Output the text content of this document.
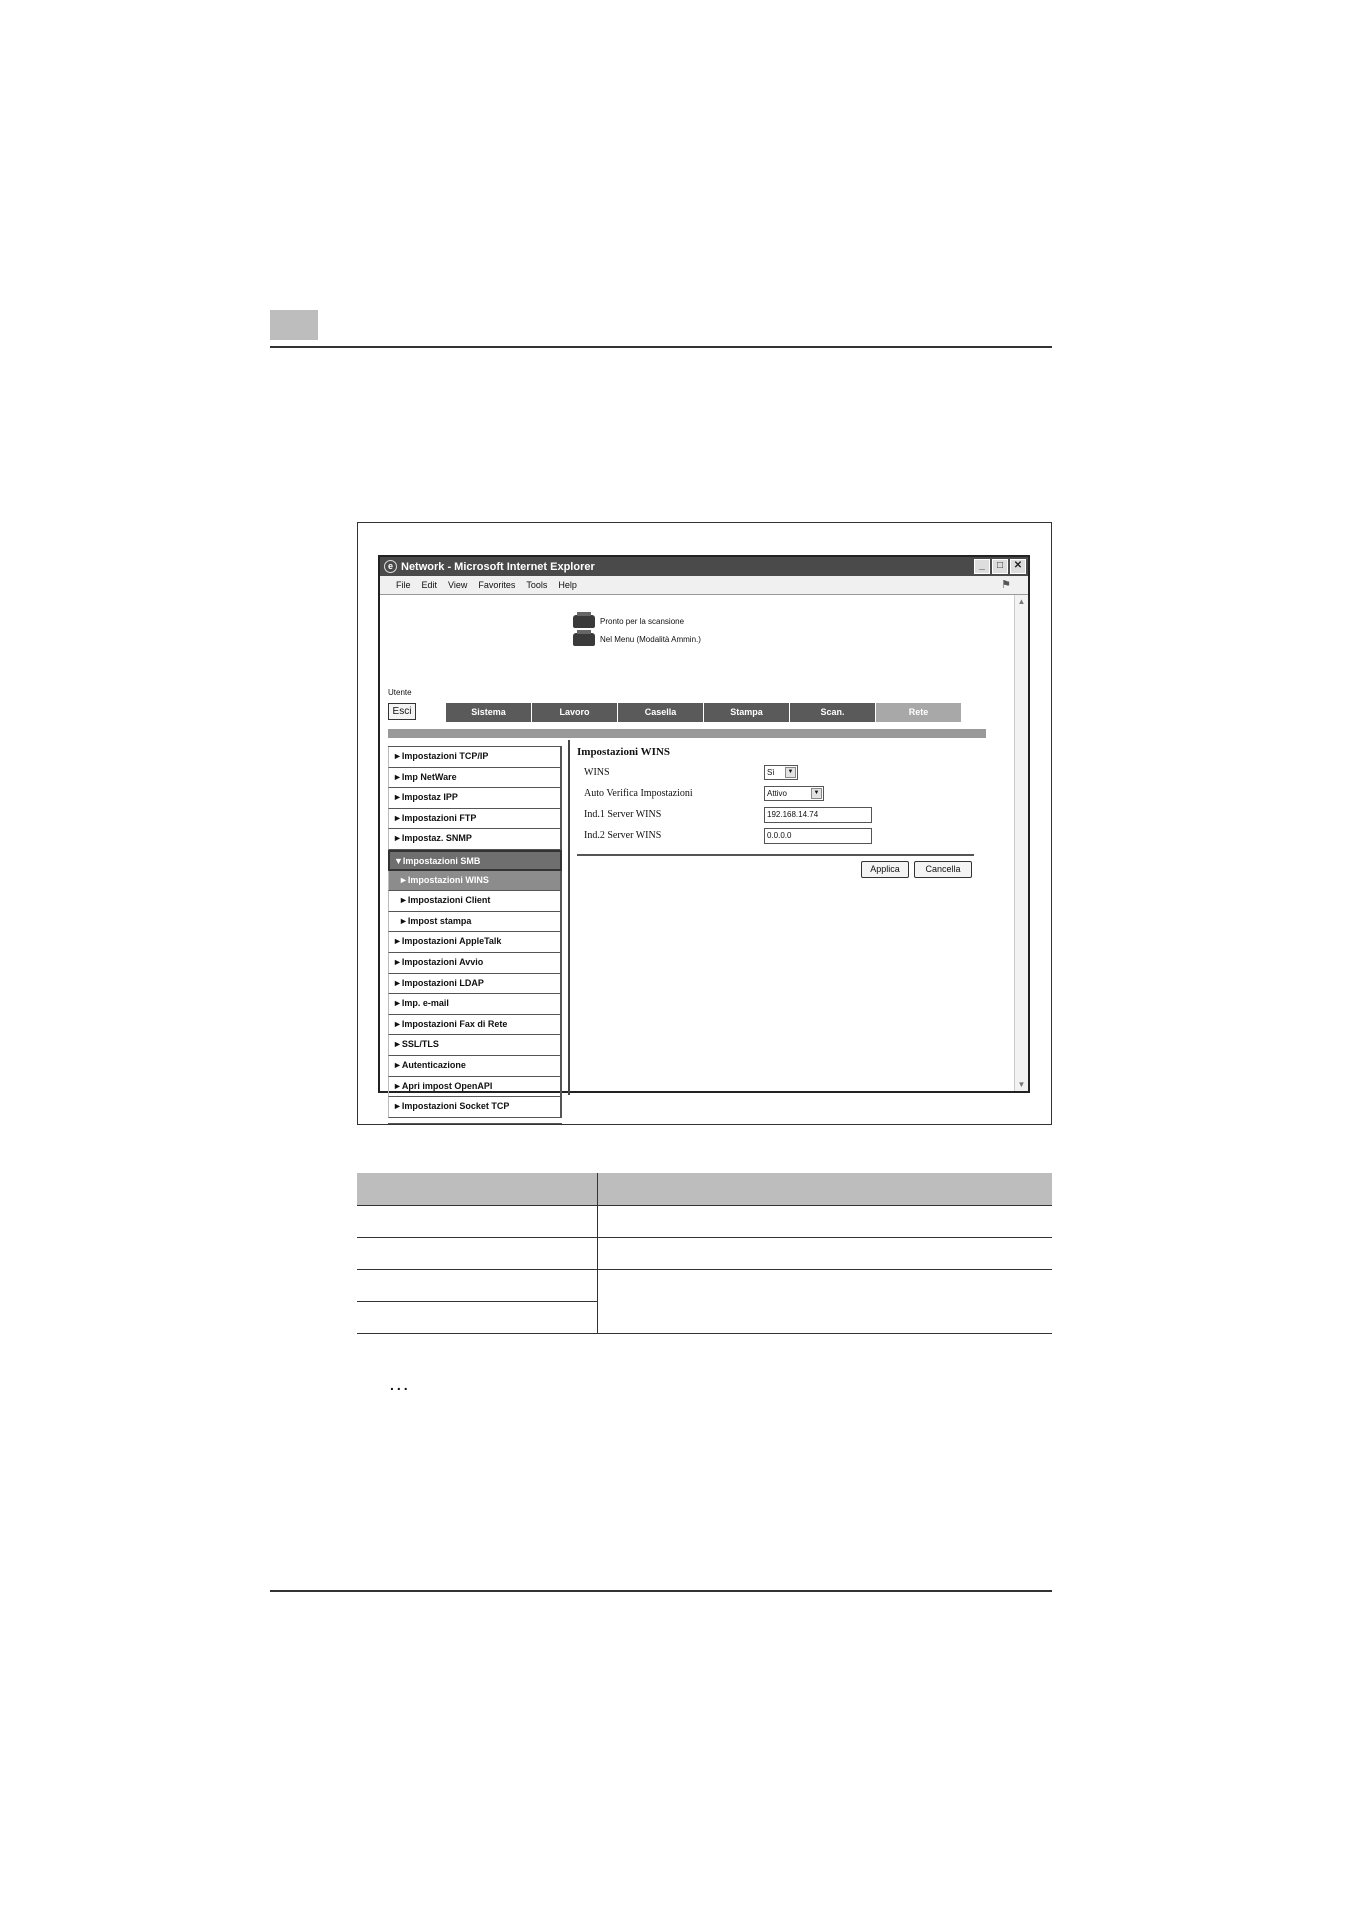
e Network - Microsoft Internet Explorer	_	□	✕
File Edit View Favorites Tools Help	⚑
Pronto per la scansione
Nel Menu (Modalità Ammin.)
Utente
Esci	Sistema	Lavoro	Casella	Stampa	Scan.	Rete
►Impostazioni TCP/IP
►Imp NetWare
►Impostaz IPP
►Impostazioni FTP
►Impostaz. SNMP
▼Impostazioni SMB
►Impostazioni WINS
►Impostazioni Client
►Impost stampa
►Impostazioni AppleTalk
►Impostazioni Avvio
►Impostazioni LDAP
►Imp. e-mail
►Impostazioni Fax di Rete
►SSL/TLS
►Autenticazione
►Apri impost OpenAPI
►Impostazioni Socket TCP
Impostazioni WINS
WINS	Sì	▼
Auto Verifica Impostazioni	Attivo	▼
Ind.1 Server WINS	192.168.14.74
Ind.2 Server WINS	0.0.0.0
Applica	Cancella
▲
▼

...
